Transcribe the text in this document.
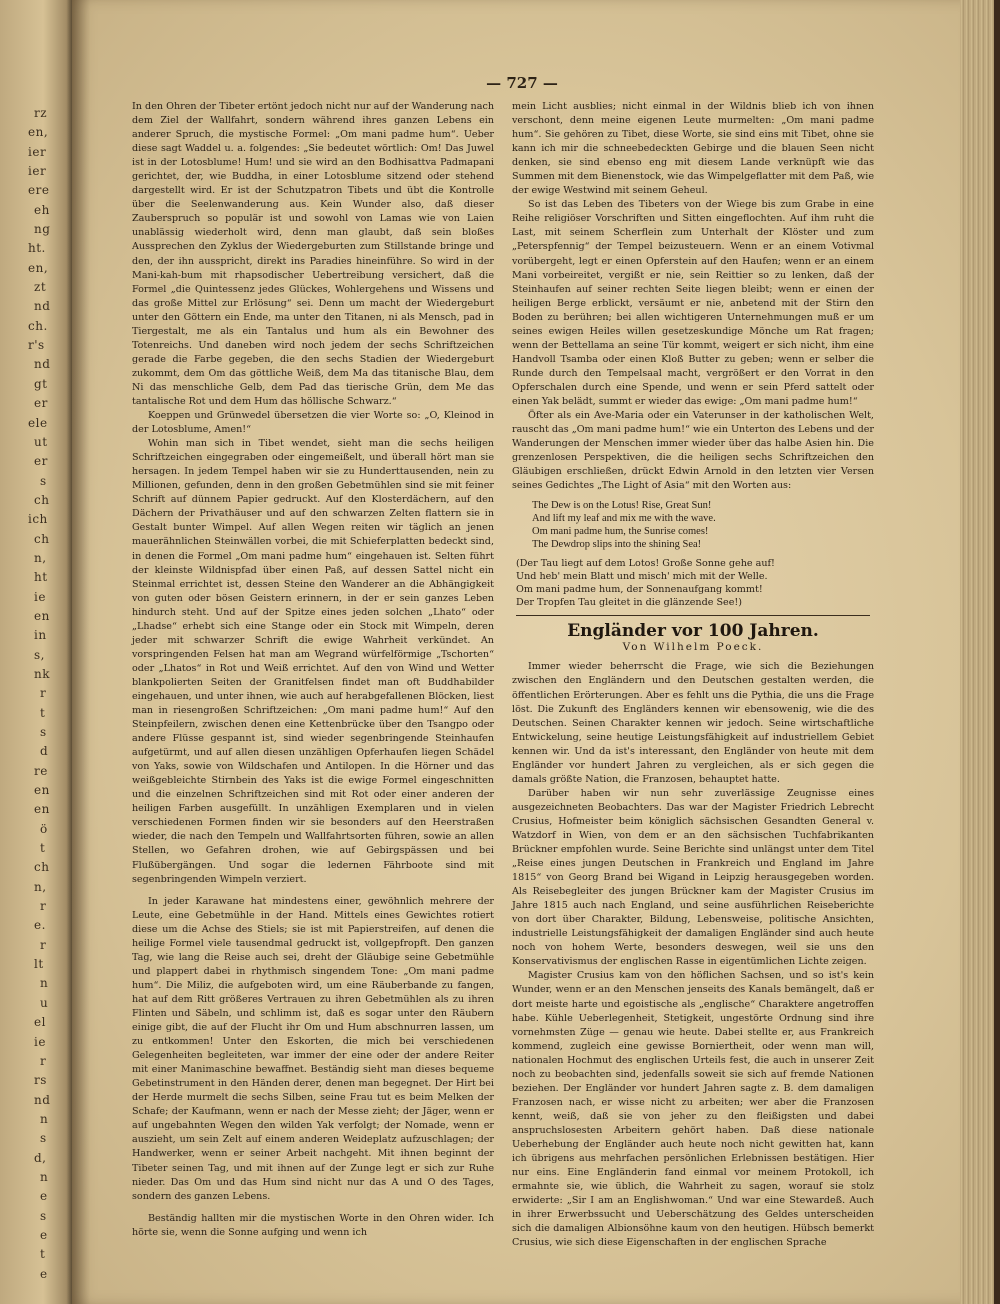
rz
en,
ier
ier
ere
eh
ng
ht.
en,
zt
nd
ch.
r's
nd
gt
er
ele
ut
er
s
ch
ich
ch
n,
ht
ie
en
in
s,
nk
r
t
s
d
re
en
en
ö
t
ch
n,
r
e.
r
lt
n
u
el
ie
r
rs
nd
n
s
d,
n
e
s
e
t
e
— 727 —

In den Ohren der Tibeter ertönt jedoch nicht nur auf der Wanderung nach dem Ziel der Wallfahrt, sondern während ihres ganzen Lebens ein anderer Spruch, die mystische Formel: „Om mani padme hum“. Ueber diese sagt Waddel u. a. folgendes: „Sie bedeutet wörtlich: Om! Das Juwel ist in der Lotosblume! Hum! und sie wird an den Bodhisattva Padmapani gerichtet, der, wie Buddha, in einer Lotosblume sitzend oder stehend dargestellt wird. Er ist der Schutzpatron Tibets und übt die Kontrolle über die Seelenwanderung aus. Kein Wunder also, daß dieser Zauberspruch so populär ist und sowohl von Lamas wie von Laien unablässig wiederholt wird, denn man glaubt, daß sein bloßes Aussprechen den Zyklus der Wiedergeburten zum Stillstande bringe und den, der ihn ausspricht, direkt ins Paradies hineinführe. So wird in der Mani-kah-bum mit rhapsodischer Uebertreibung versichert, daß die Formel „die Quintessenz jedes Glückes, Wohlergehens und Wissens und das große Mittel zur Erlösung“ sei. Denn um macht der Wiedergeburt unter den Göttern ein Ende, ma unter den Titanen, ni als Mensch, pad in Tiergestalt, me als ein Tantalus und hum als ein Bewohner des Totenreichs. Und daneben wird noch jedem der sechs Schriftzeichen gerade die Farbe gegeben, die den sechs Stadien der Wiedergeburt zukommt, dem Om das göttliche Weiß, dem Ma das titanische Blau, dem Ni das menschliche Gelb, dem Pad das tierische Grün, dem Me das tantalische Rot und dem Hum das höllische Schwarz.“

Koeppen und Grünwedel übersetzen die vier Worte so: „O, Kleinod in der Lotosblume, Amen!“

Wohin man sich in Tibet wendet, sieht man die sechs heiligen Schriftzeichen eingegraben oder eingemeißelt, und überall hört man sie hersagen. In jedem Tempel haben wir sie zu Hunderttausenden, nein zu Millionen, gefunden, denn in den großen Gebetmühlen sind sie mit feiner Schrift auf dünnem Papier gedruckt. Auf den Klosterdächern, auf den Dächern der Privathäuser und auf den schwarzen Zelten flattern sie in Gestalt bunter Wimpel. Auf allen Wegen reiten wir täglich an jenen mauerähnlichen Steinwällen vorbei, die mit Schieferplatten bedeckt sind, in denen die Formel „Om mani padme hum“ eingehauen ist. Selten führt der kleinste Wildnispfad über einen Paß, auf dessen Sattel nicht ein Steinmal errichtet ist, dessen Steine den Wanderer an die Abhängigkeit von guten oder bösen Geistern erinnern, in der er sein ganzes Leben hindurch steht. Und auf der Spitze eines jeden solchen „Lhato“ oder „Lhadse“ erhebt sich eine Stange oder ein Stock mit Wimpeln, deren jeder mit schwarzer Schrift die ewige Wahrheit verkündet. An vorspringenden Felsen hat man am Wegrand würfelförmige „Tschorten“ oder „Lhatos“ in Rot und Weiß errichtet. Auf den von Wind und Wetter blankpolierten Seiten der Granitfelsen findet man oft Buddhabilder eingehauen, und unter ihnen, wie auch auf herabgefallenen Blöcken, liest man in riesengroßen Schriftzeichen: „Om mani padme hum!“ Auf den Steinpfeilern, zwischen denen eine Kettenbrücke über den Tsangpo oder andere Flüsse gespannt ist, sind wieder segenbringende Steinhaufen aufgetürmt, und auf allen diesen unzähligen Opferhaufen liegen Schädel von Yaks, sowie von Wildschafen und Antilopen. In die Hörner und das weißgebleichte Stirnbein des Yaks ist die ewige Formel eingeschnitten und die einzelnen Schriftzeichen sind mit Rot oder einer anderen der heiligen Farben ausgefüllt. In unzähligen Exemplaren und in vielen verschiedenen Formen finden wir sie besonders auf den Heerstraßen wieder, die nach den Tempeln und Wallfahrtsorten führen, sowie an allen Stellen, wo Gefahren drohen, wie auf Gebirgspässen und bei Flußübergängen. Und sogar die ledernen Fährboote sind mit segenbringenden Wimpeln verziert.

In jeder Karawane hat mindestens einer, gewöhnlich mehrere der Leute, eine Gebetmühle in der Hand. Mittels eines Gewichtes rotiert diese um die Achse des Stiels; sie ist mit Papierstreifen, auf denen die heilige Formel viele tausendmal gedruckt ist, vollgepfropft. Den ganzen Tag, wie lang die Reise auch sei, dreht der Gläubige seine Gebetmühle und plappert dabei in rhythmisch singendem Tone: „Om mani padme hum“. Die Miliz, die aufgeboten wird, um eine Räuberbande zu fangen, hat auf dem Ritt größeres Vertrauen zu ihren Gebetmühlen als zu ihren Flinten und Säbeln, und schlimm ist, daß es sogar unter den Räubern einige gibt, die auf der Flucht ihr Om und Hum abschnurren lassen, um zu entkommen! Unter den Eskorten, die mich bei verschiedenen Gelegenheiten begleiteten, war immer der eine oder der andere Reiter mit einer Manimaschine bewaffnet. Beständig sieht man dieses bequeme Gebetinstrument in den Händen derer, denen man begegnet. Der Hirt bei der Herde murmelt die sechs Silben, seine Frau tut es beim Melken der Schafe; der Kaufmann, wenn er nach der Messe zieht; der Jäger, wenn er auf ungebahnten Wegen den wilden Yak verfolgt; der Nomade, wenn er auszieht, um sein Zelt auf einem anderen Weideplatz aufzuschlagen; der Handwerker, wenn er seiner Arbeit nachgeht. Mit ihnen beginnt der Tibeter seinen Tag, und mit ihnen auf der Zunge legt er sich zur Ruhe nieder. Das Om und das Hum sind nicht nur das A und O des Tages, sondern des ganzen Lebens.

Beständig hallten mir die mystischen Worte in den Ohren wider. Ich hörte sie, wenn die Sonne aufging und wenn ich

mein Licht ausblies; nicht einmal in der Wildnis blieb ich von ihnen verschont, denn meine eigenen Leute murmelten: „Om mani padme hum“. Sie gehören zu Tibet, diese Worte, sie sind eins mit Tibet, ohne sie kann ich mir die schneebedeckten Gebirge und die blauen Seen nicht denken, sie sind ebenso eng mit diesem Lande verknüpft wie das Summen mit dem Bienenstock, wie das Wimpelgeflatter mit dem Paß, wie der ewige Westwind mit seinem Geheul.

So ist das Leben des Tibeters von der Wiege bis zum Grabe in eine Reihe religiöser Vorschriften und Sitten eingeflochten. Auf ihm ruht die Last, mit seinem Scherflein zum Unterhalt der Klöster und zum „Peterspfennig“ der Tempel beizusteuern. Wenn er an einem Votivmal vorübergeht, legt er einen Opferstein auf den Haufen; wenn er an einem Mani vorbeireitet, vergißt er nie, sein Reittier so zu lenken, daß der Steinhaufen auf seiner rechten Seite liegen bleibt; wenn er einen der heiligen Berge erblickt, versäumt er nie, anbetend mit der Stirn den Boden zu berühren; bei allen wichtigeren Unternehmungen muß er um seines ewigen Heiles willen gesetzeskundige Mönche um Rat fragen; wenn der Bettellama an seine Tür kommt, weigert er sich nicht, ihm eine Handvoll Tsamba oder einen Kloß Butter zu geben; wenn er selber die Runde durch den Tempelsaal macht, vergrößert er den Vorrat in den Opferschalen durch eine Spende, und wenn er sein Pferd sattelt oder einen Yak belädt, summt er wieder das ewige: „Om mani padme hum!“

Öfter als ein Ave-Maria oder ein Vaterunser in der katholischen Welt, rauscht das „Om mani padme hum!“ wie ein Unterton des Lebens und der Wanderungen der Menschen immer wieder über das halbe Asien hin. Die grenzenlosen Perspektiven, die die heiligen sechs Schriftzeichen den Gläubigen erschließen, drückt Edwin Arnold in den letzten vier Versen seines Gedichtes „The Light of Asia“ mit den Worten aus:

The Dew is on the Lotus! Rise, Great Sun!
And lift my leaf and mix me with the wave.
Om mani padme hum, the Sunrise comes!
The Dewdrop slips into the shining Sea!
(Der Tau liegt auf dem Lotos! Große Sonne gehe auf!
Und heb' mein Blatt und misch' mich mit der Welle.
Om mani padme hum, der Sonnenaufgang kommt!
Der Tropfen Tau gleitet in die glänzende See!)
Engländer vor 100 Jahren.
Von Wilhelm Poeck.

Immer wieder beherrscht die Frage, wie sich die Beziehungen zwischen den Engländern und den Deutschen gestalten werden, die öffentlichen Erörterungen. Aber es fehlt uns die Pythia, die uns die Frage löst. Die Zukunft des Engländers kennen wir ebensowenig, wie die des Deutschen. Seinen Charakter kennen wir jedoch. Seine wirtschaftliche Entwickelung, seine heutige Leistungsfähigkeit auf industriellem Gebiet kennen wir. Und da ist's interessant, den Engländer von heute mit dem Engländer vor hundert Jahren zu vergleichen, als er sich gegen die damals größte Nation, die Franzosen, behauptet hatte.

Darüber haben wir nun sehr zuverlässige Zeugnisse eines ausgezeichneten Beobachters. Das war der Magister Friedrich Lebrecht Crusius, Hofmeister beim königlich sächsischen Gesandten General v. Watzdorf in Wien, von dem er an den sächsischen Tuchfabrikanten Brückner empfohlen wurde. Seine Berichte sind unlängst unter dem Titel „Reise eines jungen Deutschen in Frankreich und England im Jahre 1815“ von Georg Brand bei Wigand in Leipzig herausgegeben worden. Als Reisebegleiter des jungen Brückner kam der Magister Crusius im Jahre 1815 auch nach England, und seine ausführlichen Reiseberichte von dort über Charakter, Bildung, Lebensweise, politische Ansichten, industrielle Leistungsfähigkeit der damaligen Engländer sind auch heute noch von hohem Werte, besonders deswegen, weil sie uns den Konservativismus der englischen Rasse in eigentümlichen Lichte zeigen.

Magister Crusius kam von den höflichen Sachsen, und so ist's kein Wunder, wenn er an den Menschen jenseits des Kanals bemängelt, daß er dort meiste harte und egoistische als „englische“ Charaktere angetroffen habe. Kühle Ueberlegenheit, Stetigkeit, ungestörte Ordnung sind ihre vornehmsten Züge — genau wie heute. Dabei stellte er, aus Frankreich kommend, zugleich eine gewisse Borniertheit, oder wenn man will, nationalen Hochmut des englischen Urteils fest, die auch in unserer Zeit noch zu beobachten sind, jedenfalls soweit sie sich auf fremde Nationen beziehen. Der Engländer vor hundert Jahren sagte z. B. dem damaligen Franzosen nach, er wisse nicht zu arbeiten; wer aber die Franzosen kennt, weiß, daß sie von jeher zu den fleißigsten und dabei anspruchslosesten Arbeitern gehört haben. Daß diese nationale Ueberhebung der Engländer auch heute noch nicht gewitten hat, kann ich übrigens aus mehrfachen persönlichen Erlebnissen bestätigen. Hier nur eins. Eine Engländerin fand einmal vor meinem Protokoll, ich ermahnte sie, wie üblich, die Wahrheit zu sagen, worauf sie stolz erwiderte: „Sir I am an Englishwoman.“ Und war eine Stewardeß. Auch in ihrer Erwerbssucht und Ueberschätzung des Geldes unterscheiden sich die damaligen Albionsöhne kaum von den heutigen. Hübsch bemerkt Crusius, wie sich diese Eigenschaften in der englischen Sprache
